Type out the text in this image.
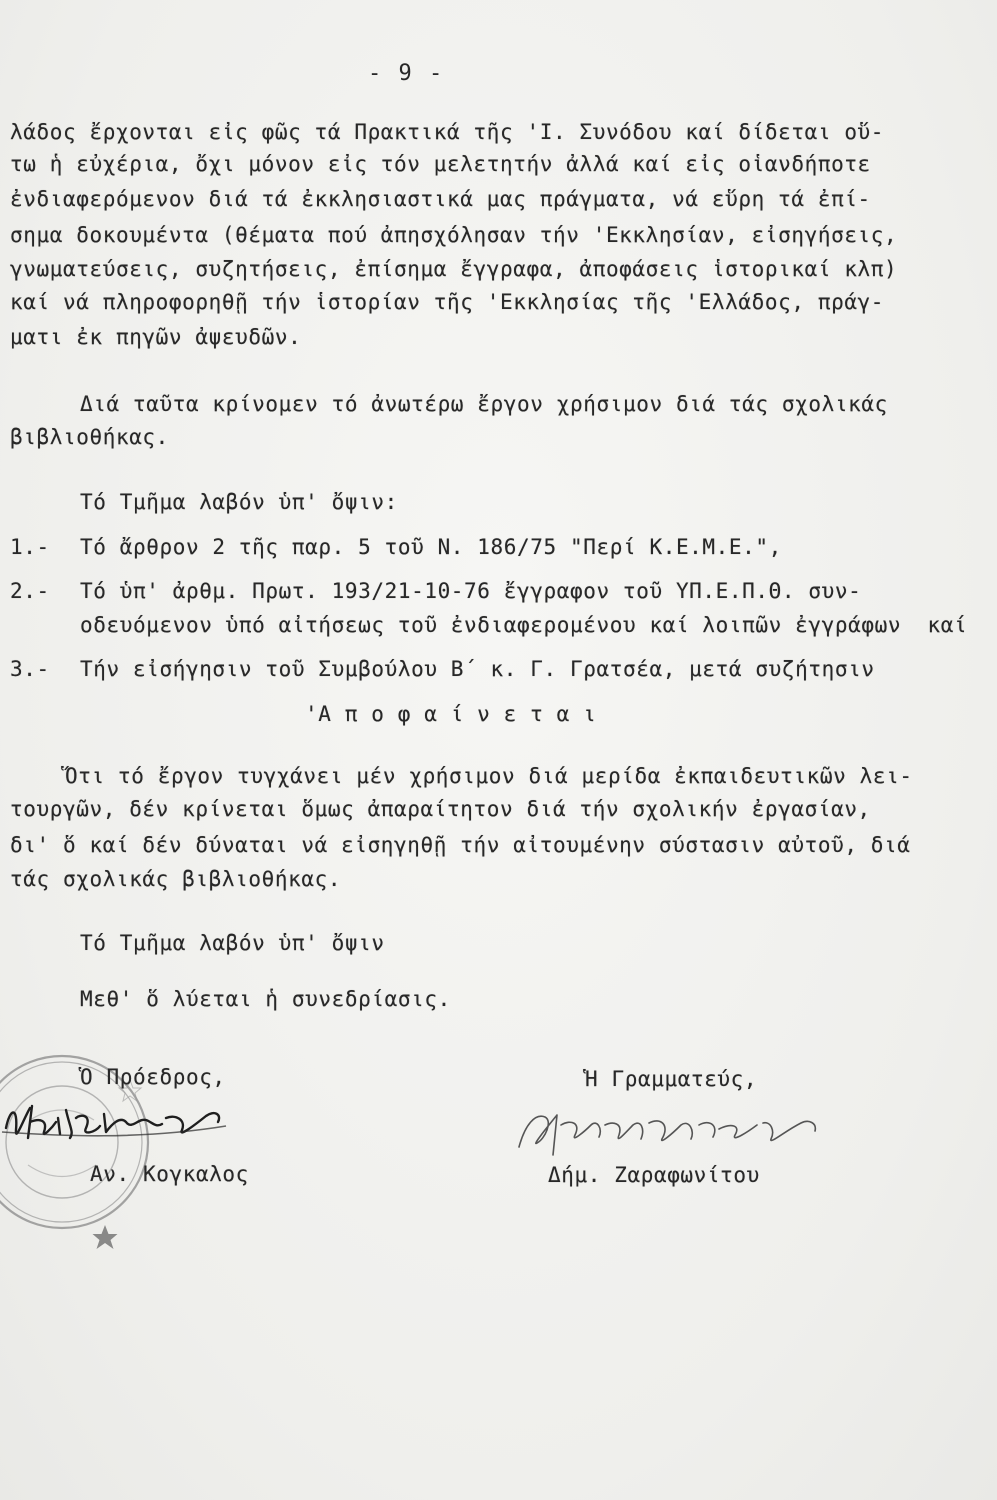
- 9 -
λάδος ἔρχονται εἰς φῶς τά Πρακτικά τῆς 'Ι. Συνόδου καί δίδεται οὕ-
τω ἡ εὐχέρια, ὄχι μόνον εἰς τόν μελετητήν ἀλλά καί εἰς οἱανδήποτε
ἐνδιαφερόμενον διά τά ἐκκλησιαστικά μας πράγματα, νά εὕρη τά ἐπί-
σημα δοκουμέντα (θέματα πού ἀπησχόλησαν τήν 'Εκκλησίαν, εἰσηγήσεις,
γνωματεύσεις, συζητήσεις, ἐπίσημα ἔγγραφα, ἀποφάσεις ἱστορικαί κλπ)
καί νά πληροφορηθῇ τήν ἱστορίαν τῆς 'Εκκλησίας τῆς 'Ελλάδος, πράγ-
ματι ἐκ πηγῶν ἀψευδῶν.
Διά ταῦτα κρίνομεν τό ἀνωτέρω ἔργον χρήσιμον διά τάς σχολικάς
βιβλιοθήκας.
Τό Τμῆμα λαβόν ὑπ' ὄψιν:
1.- Τό ἄρθρον 2 τῆς παρ. 5 τοῦ Ν. 186/75 "Περί Κ.Ε.Μ.Ε.",
2.- Τό ὑπ' ἀρθμ. Πρωτ. 193/21-10-76 ἔγγραφον τοῦ ΥΠ.Ε.Π.Θ. συν-
οδευόμενον ὑπό αἰτήσεως τοῦ ἐνδιαφερομένου καί λοιπῶν ἐγγράφων  καί
3.- Τήν εἰσήγησιν τοῦ Συμβούλου Β΄ κ. Γ. Γρατσέα, μετά συζήτησιν
'Α π ο φ α ί ν ε τ α ι
Ὅτι τό ἔργον τυγχάνει μέν χρήσιμον διά μερίδα ἐκπαιδευτικῶν λει-
τουργῶν, δέν κρίνεται ὅμως ἀπαραίτητον διά τήν σχολικήν ἐργασίαν,
δι' ὅ καί δέν δύναται νά εἰσηγηθῇ τήν αἰτουμένην σύστασιν αὐτοῦ, διά
τάς σχολικάς βιβλιοθήκας.
Τό Τμῆμα λαβόν ὑπ' ὄψιν
Μεθ' ὅ λύεται ἡ συνεδρίασις.
Ὁ Πρόεδρος,
Αν. Κογκαλος
Ἡ Γραμματεύς,
Δήμ. Ζαραφωνίτου
